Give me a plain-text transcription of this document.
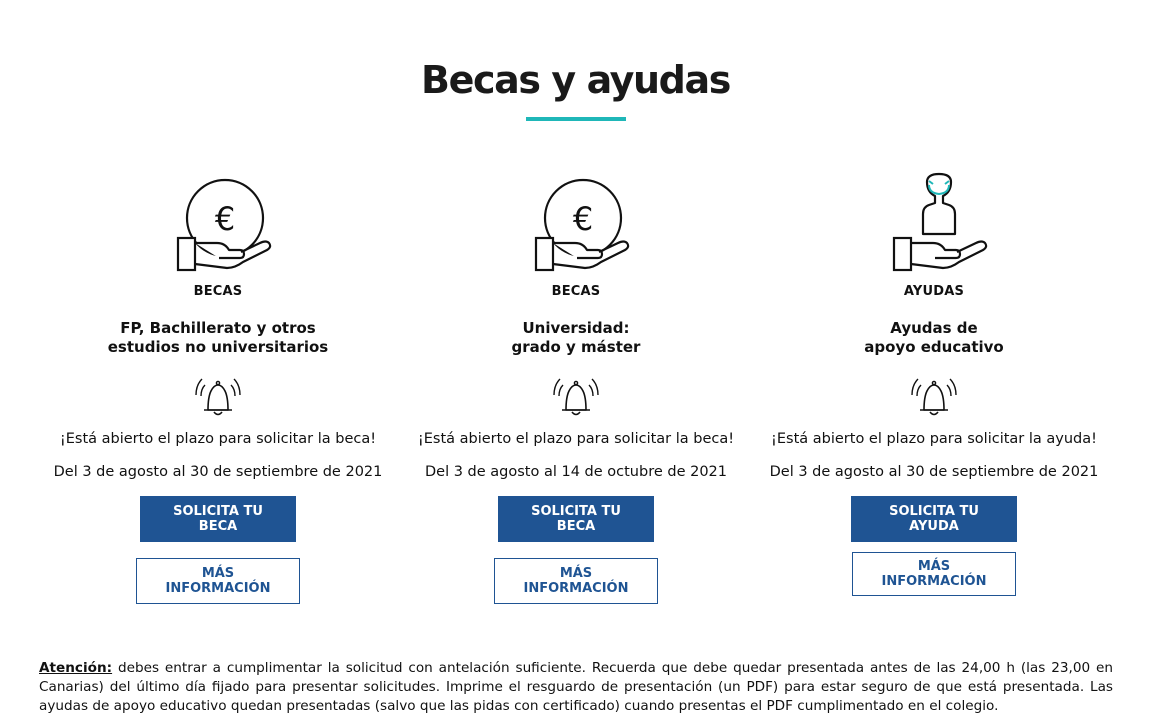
Becas y ayudas
€
BECAS
FP, Bachillerato y otros
estudios no universitarios
¡Está abierto el plazo para solicitar la beca!
Del 3 de agosto al 30 de septiembre de 2021
SOLICITA TU BECA
MÁS INFORMACIÓN
€
BECAS
Universidad:
grado y máster
¡Está abierto el plazo para solicitar la beca!
Del 3 de agosto al 14 de octubre de 2021
SOLICITA TU BECA
MÁS INFORMACIÓN
AYUDAS
Ayudas de
apoyo educativo
¡Está abierto el plazo para solicitar la ayuda!
Del 3 de agosto al 30 de septiembre de 2021
SOLICITA TU AYUDA
MÁS INFORMACIÓN

Atención: debes entrar a cumplimentar la solicitud con antelación suficiente. Recuerda que debe quedar presentada antes de las 24,00 h (las 23,00 en Canarias) del último día fijado para presentar solicitudes. Imprime el resguardo de presentación (un PDF) para estar seguro de que está presentada. Las ayudas de apoyo educativo quedan presentadas (salvo que las pidas con certificado) cuando presentas el PDF cumplimentado en el colegio.
